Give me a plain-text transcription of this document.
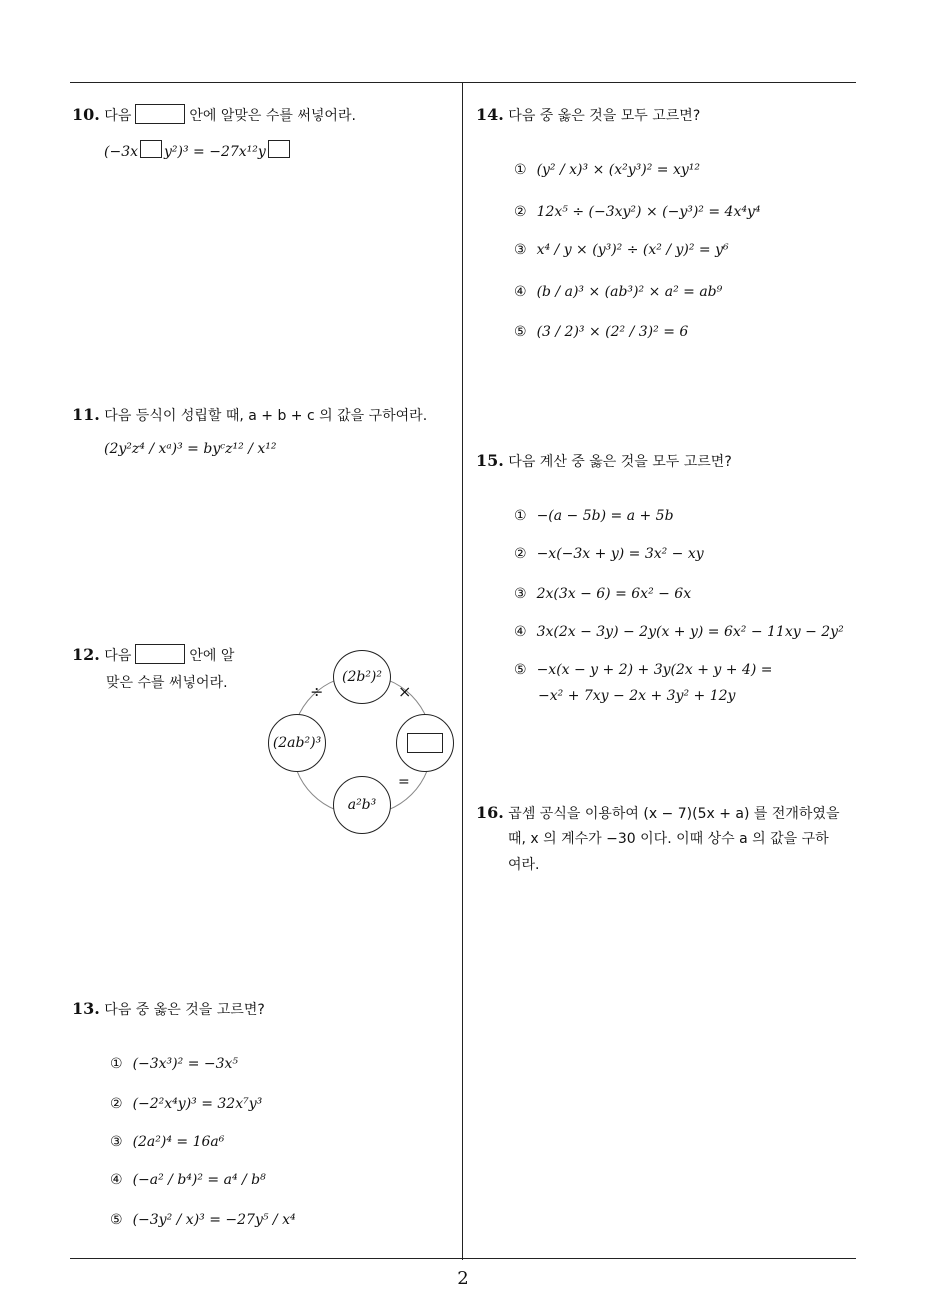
10. 다음	안에 알맞은 수를 써넣어라.
(−3x y²)³ = −27x¹²y
11. 다음 등식이 성립할 때, a + b + c 의 값을 구하여라.
(2y²z⁴ / xᵃ)³ = byᶜz¹² / x¹²
12. 다음	안에 알
맞은 수를 써넣어라.	(2b²)²
(2ab²)³
a²b³
÷	×
=
13. 다음 중 옳은 것을 고르면?
① (−3x³)² = −3x⁵
② (−2²x⁴y)³ = 32x⁷y³
③ (2a²)⁴ = 16a⁶
④ (−a² / b⁴)² = a⁴ / b⁸
⑤ (−3y² / x)³ = −27y⁵ / x⁴
14. 다음 중 옳은 것을 모두 고르면?
① (y² / x)³ × (x²y³)² = xy¹²
② 12x⁵ ÷ (−3xy²) × (−y³)² = 4x⁴y⁴
③ x⁴ / y × (y³)² ÷ (x² / y)² = y⁶
④ (b / a)³ × (ab³)² × a² = ab⁹
⑤ (3 / 2)³ × (2² / 3)² = 6
15. 다음 계산 중 옳은 것을 모두 고르면?
① −(a − 5b) = a + 5b
② −x(−3x + y) = 3x² − xy
③ 2x(3x − 6) = 6x² − 6x
④ 3x(2x − 3y) − 2y(x + y) = 6x² − 11xy − 2y²
⑤ −x(x − y + 2) + 3y(2x + y + 4) =
−x² + 7xy − 2x + 3y² + 12y
16. 곱셈 공식을 이용하여 (x − 7)(5x + a) 를 전개하였을
때, x 의 계수가 −30 이다. 이때 상수 a 의 값을 구하
여라.
2
